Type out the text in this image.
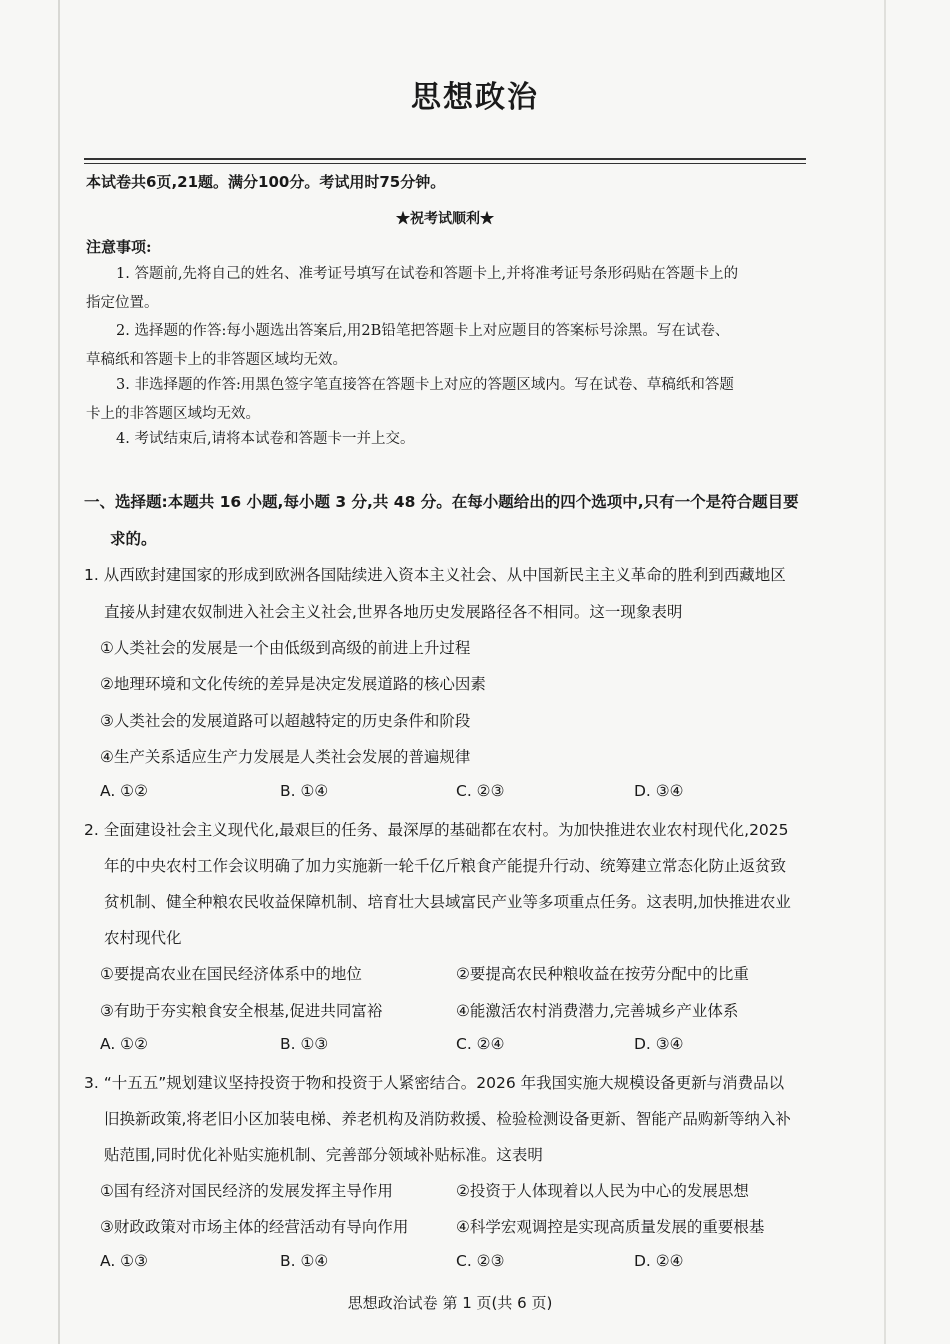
思想政治
本试卷共6页,21题。满分100分。考试用时75分钟。
★祝考试顺利★
注意事项:
1. 答题前,先将自己的姓名、准考证号填写在试卷和答题卡上,并将准考证号条形码贴在答题卡上的
指定位置。
2. 选择题的作答:每小题选出答案后,用2B铅笔把答题卡上对应题目的答案标号涂黑。写在试卷、
草稿纸和答题卡上的非答题区域均无效。
3. 非选择题的作答:用黑色签字笔直接答在答题卡上对应的答题区域内。写在试卷、草稿纸和答题
卡上的非答题区域均无效。
4. 考试结束后,请将本试卷和答题卡一并上交。
一、选择题:本题共 16 小题,每小题 3 分,共 48 分。在每小题给出的四个选项中,只有一个是符合题目要
求的。
1. 从西欧封建国家的形成到欧洲各国陆续进入资本主义社会、从中国新民主主义革命的胜利到西藏地区
直接从封建农奴制进入社会主义社会,世界各地历史发展路径各不相同。这一现象表明
①人类社会的发展是一个由低级到高级的前进上升过程
②地理环境和文化传统的差异是决定发展道路的核心因素
③人类社会的发展道路可以超越特定的历史条件和阶段
④生产关系适应生产力发展是人类社会发展的普遍规律
A. ①②	B. ①④	C. ②③	D. ③④
2. 全面建设社会主义现代化,最艰巨的任务、最深厚的基础都在农村。为加快推进农业农村现代化,2025
年的中央农村工作会议明确了加力实施新一轮千亿斤粮食产能提升行动、统筹建立常态化防止返贫致
贫机制、健全种粮农民收益保障机制、培育壮大县域富民产业等多项重点任务。这表明,加快推进农业
农村现代化
①要提高农业在国民经济体系中的地位	②要提高农民种粮收益在按劳分配中的比重
③有助于夯实粮食安全根基,促进共同富裕	④能激活农村消费潜力,完善城乡产业体系
A. ①②	B. ①③	C. ②④	D. ③④
3. “十五五”规划建议坚持投资于物和投资于人紧密结合。2026 年我国实施大规模设备更新与消费品以
旧换新政策,将老旧小区加装电梯、养老机构及消防救援、检验检测设备更新、智能产品购新等纳入补
贴范围,同时优化补贴实施机制、完善部分领域补贴标准。这表明
①国有经济对国民经济的发展发挥主导作用	②投资于人体现着以人民为中心的发展思想
③财政政策对市场主体的经营活动有导向作用	④科学宏观调控是实现高质量发展的重要根基
A. ①③	B. ①④	C. ②③	D. ②④
思想政治试卷 第 1 页(共 6 页)
